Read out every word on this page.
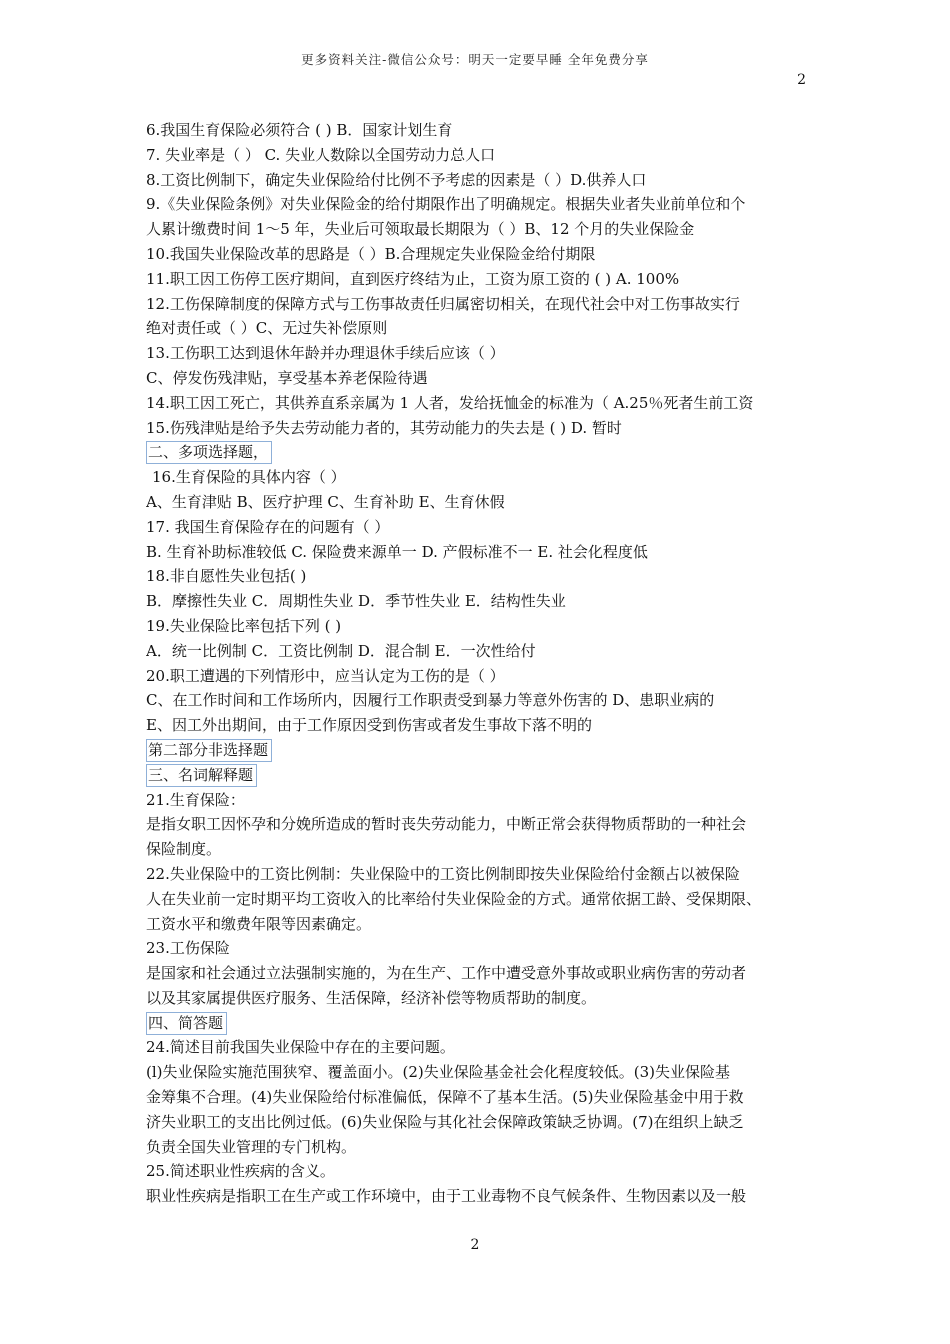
更多资料关注-微信公众号：明天一定要早睡 全年免费分享
2
6.我国生育保险必须符合 ( ) B．国家计划生育
7. 失业率是（ ） C. 失业人数除以全国劳动力总人口
8.工资比例制下，确定失业保险给付比例不予考虑的因素是（ ）D.供养人口
9.《失业保险条例》对失业保险金的给付期限作出了明确规定。根据失业者失业前单位和个
人累计缴费时间 1～5 年，失业后可领取最长期限为（ ）B、12 个月的失业保险金
10.我国失业保险改革的思路是（ ）B.合理规定失业保险金给付期限
11.职工因工伤停工医疗期间，直到医疗终结为止，工资为原工资的 ( ) A. 100%
12.工伤保障制度的保障方式与工伤事故责任归属密切相关，在现代社会中对工伤事故实行
绝对责任或（ ）C、无过失补偿原则
13.工伤职工达到退休年龄并办理退休手续后应该（ ）
C、停发伤残津贴，享受基本养老保险待遇
14.职工因工死亡，其供养直系亲属为 1 人者，发给抚恤金的标准为（ A.25％死者生前工资
15.伤残津贴是给予失去劳动能力者的，其劳动能力的失去是 ( ) D. 暂时
二、多项选择题，
16.生育保险的具体内容（ ）
A、生育津贴 B、医疗护理 C、生育补助 E、生育休假
17. 我国生育保险存在的问题有（ ）
B. 生育补助标准较低 C. 保险费来源单一 D. 产假标准不一 E. 社会化程度低
18.非自愿性失业包括( )
B．摩擦性失业 C．周期性失业 D．季节性失业 E．结构性失业
19.失业保险比率包括下列 ( )
A．统一比例制 C．工资比例制 D．混合制 E．一次性给付
20.职工遭遇的下列情形中，应当认定为工伤的是（ ）
C、在工作时间和工作场所内，因履行工作职责受到暴力等意外伤害的 D、患职业病的
E、因工外出期间，由于工作原因受到伤害或者发生事故下落不明的
第二部分非选择题
三、名词解释题
21.生育保险：
是指女职工因怀孕和分娩所造成的暂时丧失劳动能力，中断正常会获得物质帮助的一种社会
保险制度。
22.失业保险中的工资比例制：失业保险中的工资比例制即按失业保险给付金额占以被保险
人在失业前一定时期平均工资收入的比率给付失业保险金的方式。通常依据工龄、受保期限、
工资水平和缴费年限等因素确定。
23.工伤保险
是国家和社会通过立法强制实施的，为在生产、工作中遭受意外事故或职业病伤害的劳动者
以及其家属提供医疗服务、生活保障，经济补偿等物质帮助的制度。
四、简答题
24.简述目前我国失业保险中存在的主要问题。
(l)失业保险实施范围狭窄、覆盖面小。(2)失业保险基金社会化程度较低。(3)失业保险基
金筹集不合理。(4)失业保险给付标准偏低，保障不了基本生活。(5)失业保险基金中用于救
济失业职工的支出比例过低。(6)失业保险与其化社会保障政策缺乏协调。(7)在组织上缺乏
负责全国失业管理的专门机构。
25.简述职业性疾病的含义。
职业性疾病是指职工在生产或工作环境中，由于工业毒物不良气候条件、生物因素以及一般
2
